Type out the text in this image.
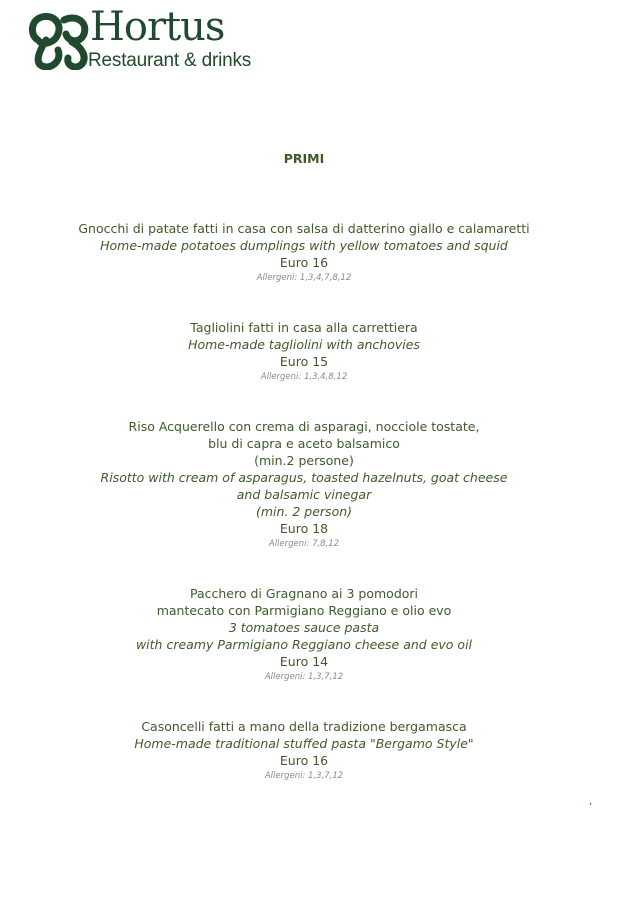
Hortus
Restaurant & drinks
PRIMI
Gnocchi di patate fatti in casa con salsa di datterino giallo e calamaretti
Home-made potatoes dumplings with yellow tomatoes and squid
Euro 16
Allergeni: 1,3,4,7,8,12
Tagliolini fatti in casa alla carrettiera
Home-made tagliolini with anchovies
Euro 15
Allergeni: 1,3,4,8,12
Riso Acquerello con crema di asparagi, nocciole tostate,
blu di capra e aceto balsamico
(min.2 persone)
Risotto with cream of asparagus, toasted hazelnuts, goat cheese
and balsamic vinegar
(min. 2 person)
Euro 18
Allergeni: 7,8,12
Pacchero di Gragnano ai 3 pomodori
mantecato con Parmigiano Reggiano e olio evo
3 tomatoes sauce pasta
with creamy Parmigiano Reggiano cheese and evo oil
Euro 14
Allergeni: 1,3,7,12
Casoncelli fatti a mano della tradizione bergamasca
Home-made traditional stuffed pasta "Bergamo Style"
Euro 16
Allergeni: 1,3,7,12
,
